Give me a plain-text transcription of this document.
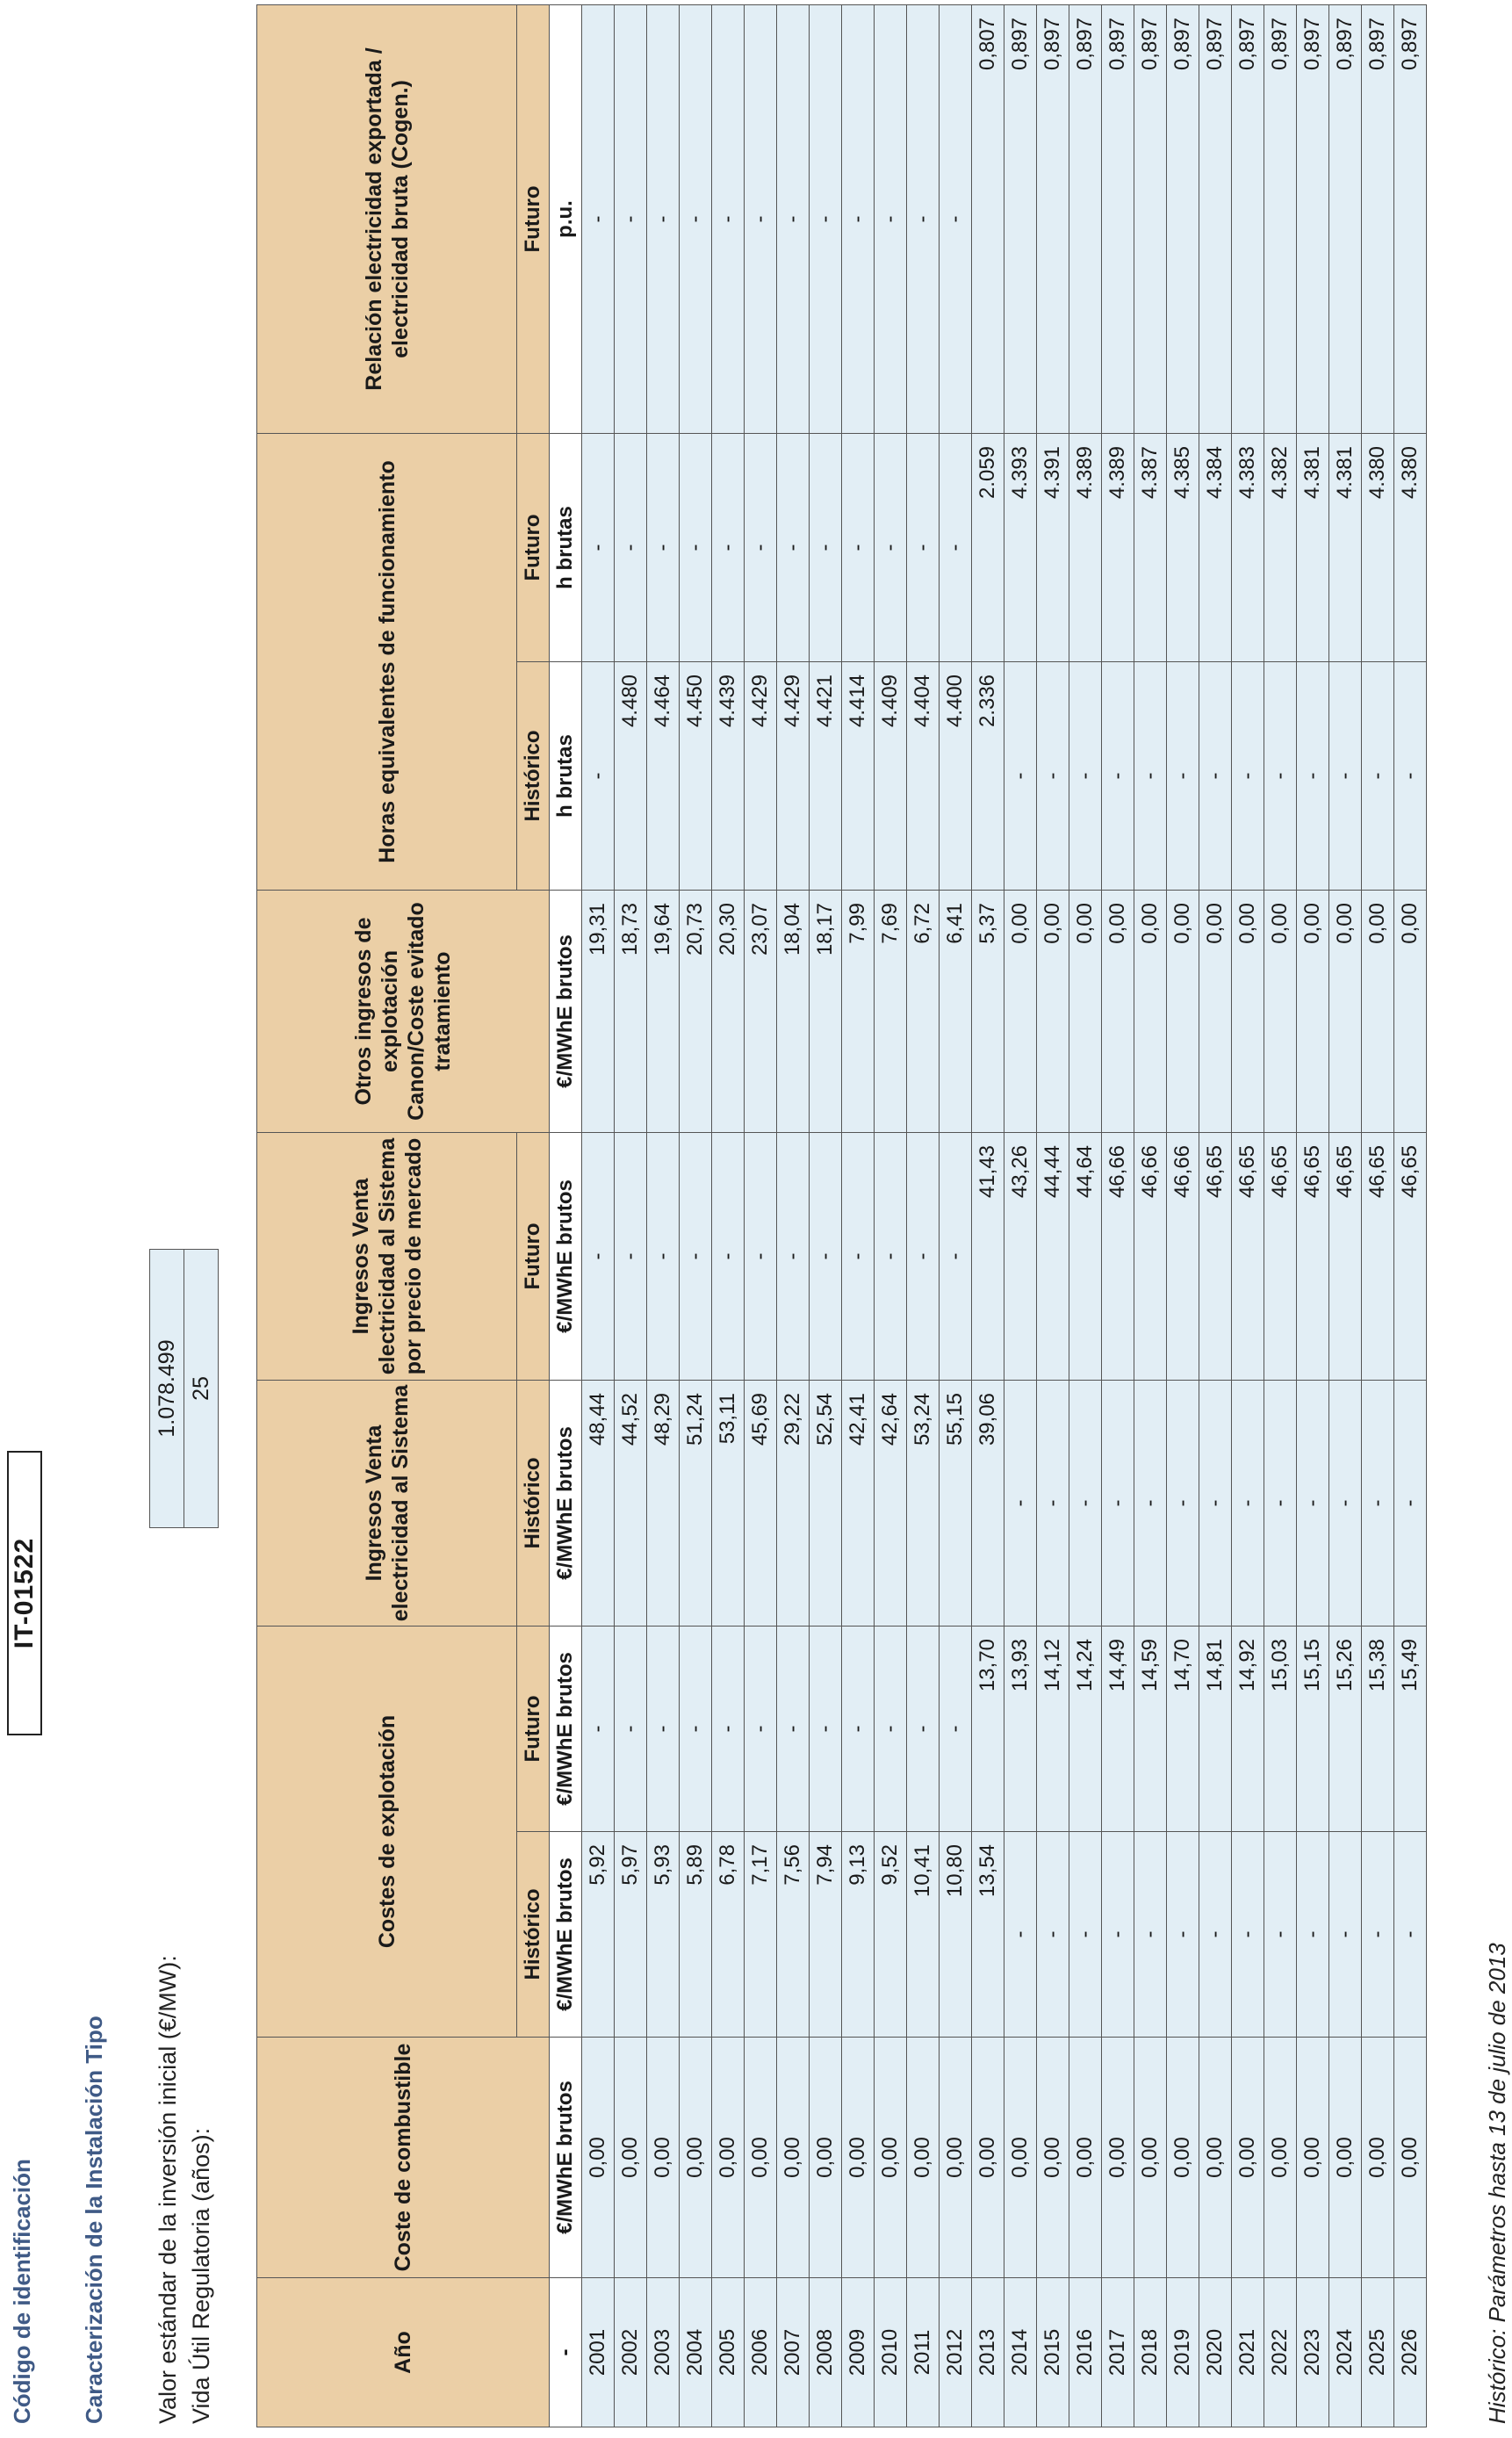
Código de identificación
IT-01522
Caracterización de la Instalación Tipo Valor estándar de la inversión inicial (€/MW): Vida Útil Regulatoria (años):
1.078.499
25
Año	Coste de combustible	Costes de explotación		Ingresos Venta electricidad al Sistema	Ingresos Venta electricidad al Sistema por precio de mercado	Otros ingresos de explotación Canon/Coste evitado tratamiento	Horas equivalentes de funcionamiento		Relación electricidad exportada / electricidad bruta (Cogen.)
		Histórico	Futuro	Histórico	Futuro		Histórico	Futuro	Futuro
-	€/MWhE brutos	€/MWhE brutos	€/MWhE brutos	€/MWhE brutos	€/MWhE brutos	€/MWhE brutos	h brutas	h brutas	p.u.
2001	0,00	5,92	-	48,44	-	19,31	-	-	-
2002	0,00	5,97	-	44,52	-	18,73	4.480	-	-
2003	0,00	5,93	-	48,29	-	19,64	4.464	-	-
2004	0,00	5,89	-	51,24	-	20,73	4.450	-	-
2005	0,00	6,78	-	53,11	-	20,30	4.439	-	-
2006	0,00	7,17	-	45,69	-	23,07	4.429	-	-
2007	0,00	7,56	-	29,22	-	18,04	4.429	-	-
2008	0,00	7,94	-	52,54	-	18,17	4.421	-	-
2009	0,00	9,13	-	42,41	-	7,99	4.414	-	-
2010	0,00	9,52	-	42,64	-	7,69	4.409	-	-
2011	0,00	10,41	-	53,24	-	6,72	4.404	-	-
2012	0,00	10,80	-	55,15	-	6,41	4.400	-	-
2013	0,00	13,54	13,70	39,06	41,43	5,37	2.336	2.059	0,807
2014	0,00	-	13,93	-	43,26	0,00	-	4.393	0,897
2015	0,00	-	14,12	-	44,44	0,00	-	4.391	0,897
2016	0,00	-	14,24	-	44,64	0,00	-	4.389	0,897
2017	0,00	-	14,49	-	46,66	0,00	-	4.389	0,897
2018	0,00	-	14,59	-	46,66	0,00	-	4.387	0,897
2019	0,00	-	14,70	-	46,66	0,00	-	4.385	0,897
2020	0,00	-	14,81	-	46,65	0,00	-	4.384	0,897
2021	0,00	-	14,92	-	46,65	0,00	-	4.383	0,897
2022	0,00	-	15,03	-	46,65	0,00	-	4.382	0,897
2023	0,00	-	15,15	-	46,65	0,00	-	4.381	0,897
2024	0,00	-	15,26	-	46,65	0,00	-	4.381	0,897
2025	0,00	-	15,38	-	46,65	0,00	-	4.380	0,897
2026	0,00	-	15,49	-	46,65	0,00	-	4.380	0,897
Histórico: Parámetros hasta 13 de julio de 2013
